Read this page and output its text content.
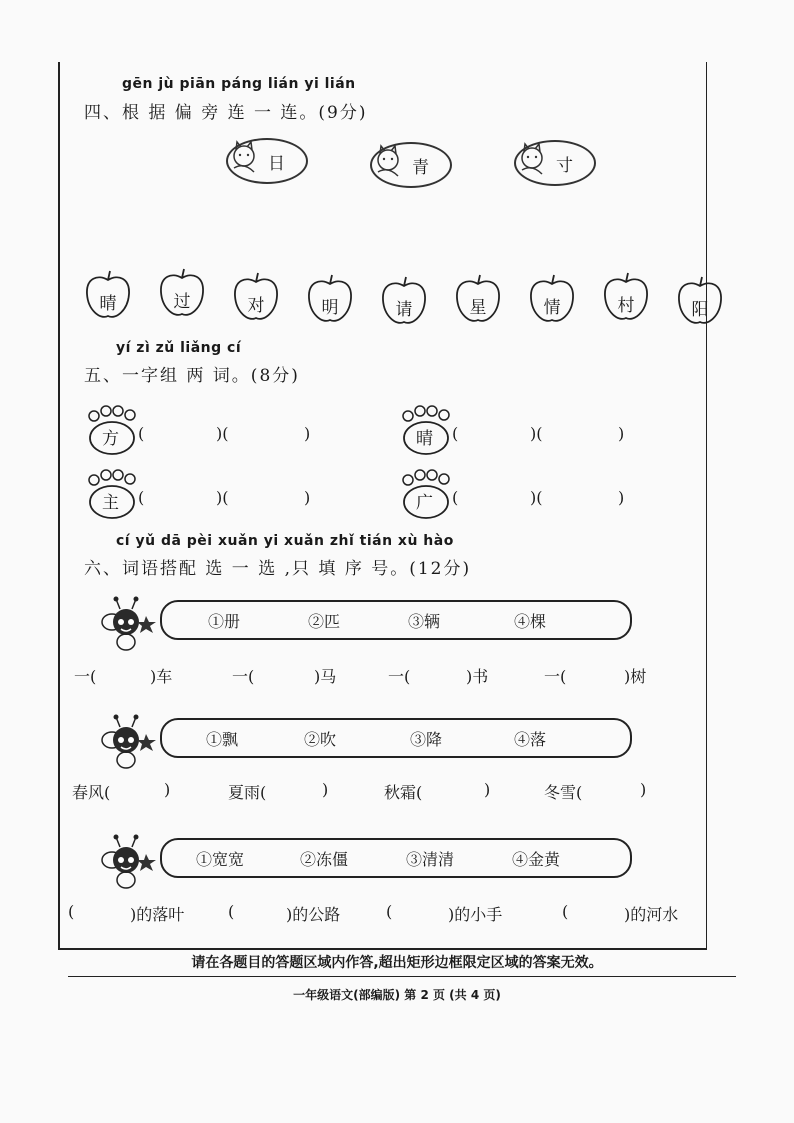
gēn jù piān páng lián yi lián
四、根 据 偏 旁 连 一 连。(9分)
日	青	寸
晴	过	对	明	请	星	情	村	阳
yí zì zǔ liǎng cí
五、一字组 两 词。(8分)
方 (	)(	)	晴 (	)(	)
主 (	)(	)	广 (	)(	)
cí yǔ dā pèi xuǎn yi xuǎn zhǐ tián xù hào
六、词语搭配 选 一 选 ,只 填 序 号。(12分)
①册	②匹	③辆	④棵
一(	)车	一(	)马	一(	)书	一(	)树
①飘	②吹	③降	④落
春风(	)	夏雨(	)	秋霜(	)	冬雪(	)
①宽宽	②冻僵	③清清	④金黄
(	)的落叶	(	)的公路	(	)的小手	(	)的河水
请在各题目的答题区域内作答,超出矩形边框限定区域的答案无效。
一年级语文(部编版) 第 2 页 (共 4 页)
